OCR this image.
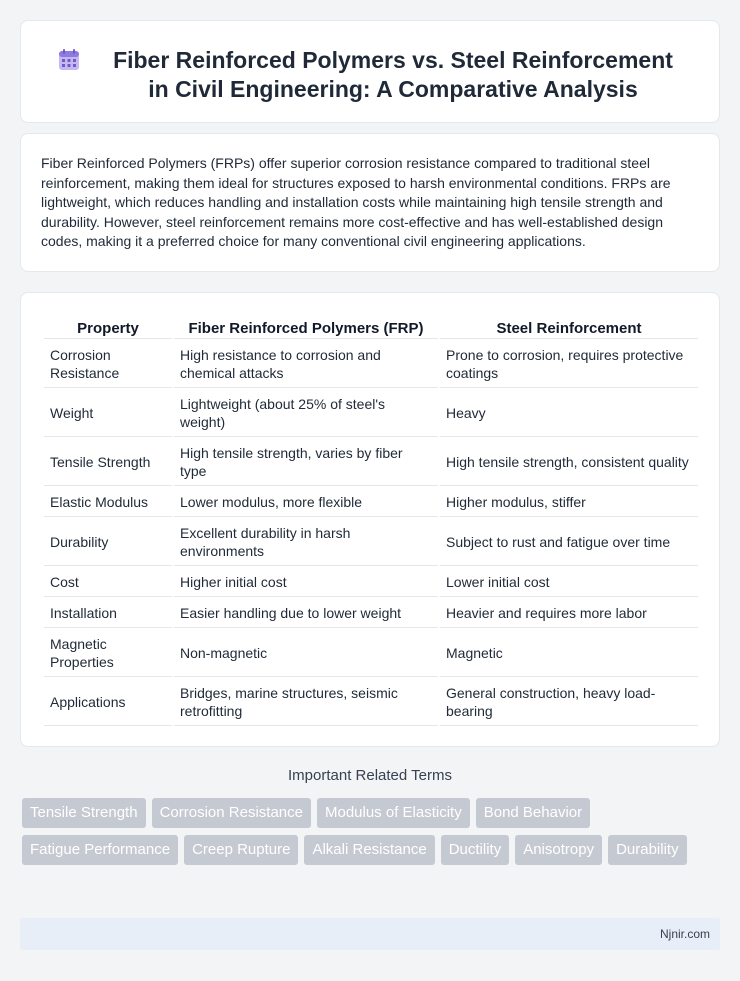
Fiber Reinforced Polymers vs. Steel Reinforcement in Civil Engineering: A Comparative Analysis

Fiber Reinforced Polymers (FRPs) offer superior corrosion resistance compared to traditional steel reinforcement, making them ideal for structures exposed to harsh environmental conditions. FRPs are lightweight, which reduces handling and installation costs while maintaining high tensile strength and durability. However, steel reinforcement remains more cost-effective and has well-established design codes, making it a preferred choice for many conventional civil engineering applications.

Property	Fiber Reinforced Polymers (FRP)	Steel Reinforcement
Corrosion Resistance	High resistance to corrosion and chemical attacks	Prone to corrosion, requires protective coatings
Weight	Lightweight (about 25% of steel's weight)	Heavy
Tensile Strength	High tensile strength, varies by fiber type	High tensile strength, consistent quality
Elastic Modulus	Lower modulus, more flexible	Higher modulus, stiffer
Durability	Excellent durability in harsh environments	Subject to rust and fatigue over time
Cost	Higher initial cost	Lower initial cost
Installation	Easier handling due to lower weight	Heavier and requires more labor
Magnetic Properties	Non-magnetic	Magnetic
Applications	Bridges, marine structures, seismic retrofitting	General construction, heavy load-bearing
Important Related Terms
Tensile Strength	Corrosion Resistance	Modulus of Elasticity	Bond Behavior
Fatigue Performance	Creep Rupture	Alkali Resistance	Ductility	Anisotropy	Durability
Njnir.com
